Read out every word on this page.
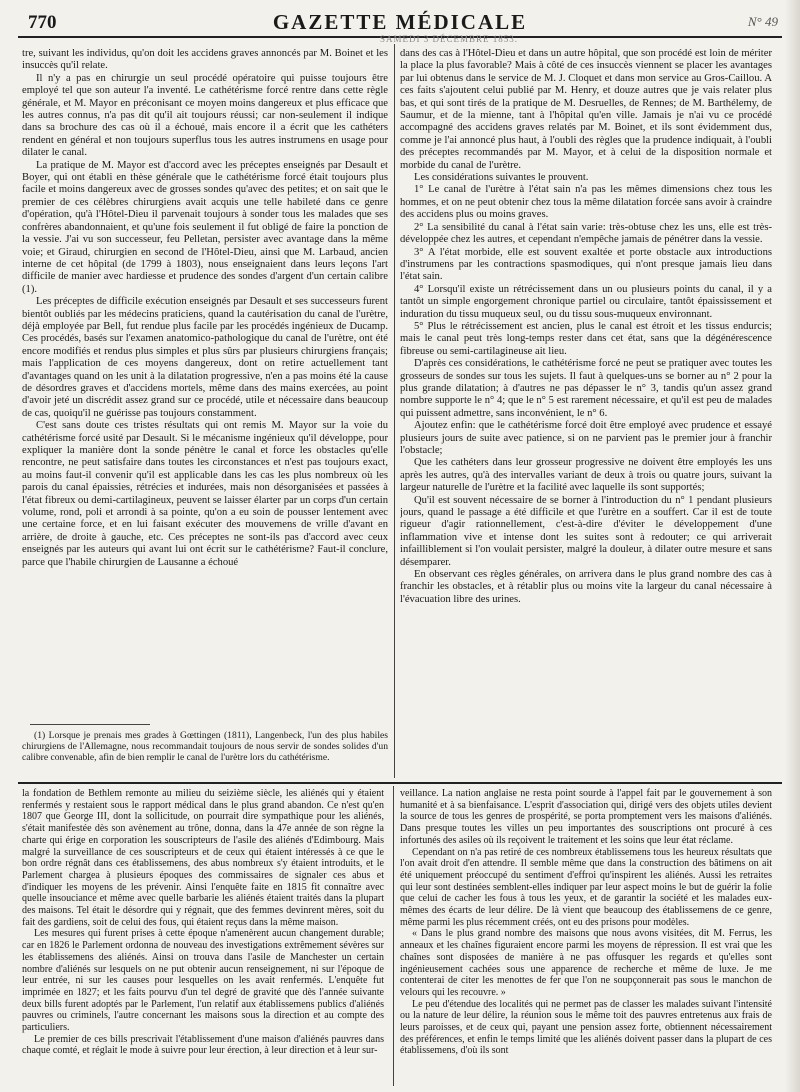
770	GAZETTE MÉDICALE	N° 49
SAMEDI 3 DÉCEMBRE 1853.

tre, suivant les individus, qu'on doit les accidens graves annoncés par M. Boinet et les insuccès qu'il relate.

Il n'y a pas en chirurgie un seul procédé opératoire qui puisse toujours être employé tel que son auteur l'a inventé. Le cathétérisme forcé rentre dans cette règle générale, et M. Mayor en préconisant ce moyen moins dangereux et plus efficace que les autres connus, n'a pas dit qu'il ait toujours réussi; car non-seulement il indique dans sa brochure des cas où il a échoué, mais encore il a écrit que les cathéters rendent en général et non toujours superflus tous les autres instrumens en usage pour dilater le canal.

La pratique de M. Mayor est d'accord avec les préceptes enseignés par Desault et Boyer, qui ont établi en thèse générale que le cathétérisme forcé était toujours plus facile et moins dangereux avec de grosses sondes qu'avec des petites; et on sait que le premier de ces célèbres chirurgiens avait acquis une telle habileté dans ce genre d'opération, qu'à l'Hôtel-Dieu il parvenait toujours à sonder tous les malades que ses confrères abandonnaient, et qu'une fois seulement il fut obligé de faire la ponction de la vessie. J'ai vu son successeur, feu Pelletan, persister avec avantage dans la même voie; et Giraud, chirurgien en second de l'Hôtel-Dieu, ainsi que M. Larbaud, ancien interne de cet hôpital (de 1799 à 1803), nous enseignaient dans leurs leçons l'art difficile de manier avec hardiesse et prudence des sondes d'argent d'un certain calibre (1).

Les préceptes de difficile exécution enseignés par Desault et ses successeurs furent bientôt oubliés par les médecins praticiens, quand la cautérisation du canal de l'urètre, déjà employée par Bell, fut rendue plus facile par les procédés ingénieux de Ducamp. Ces procédés, basés sur l'examen anatomico-pathologique du canal de l'urètre, ont été encore modifiés et rendus plus simples et plus sûrs par plusieurs chirurgiens français; mais l'application de ces moyens dangereux, dont on retire actuellement tant d'avantages quand on les unit à la dilatation progressive, n'en a pas moins été la cause de désordres graves et d'accidens mortels, même dans des mains exercées, au point d'avoir jeté un discrédit assez grand sur ce procédé, utile et nécessaire dans beaucoup de cas, quoiqu'il ne guérisse pas toujours constamment.

C'est sans doute ces tristes résultats qui ont remis M. Mayor sur la voie du cathétérisme forcé usité par Desault. Si le mécanisme ingénieux qu'il développe, pour expliquer la manière dont la sonde pénètre le canal et force les obstacles qu'elle rencontre, ne peut satisfaire dans toutes les circonstances et n'est pas toujours exact, au moins faut-il convenir qu'il est applicable dans les cas les plus nombreux où les parois du canal épaissies, rétrécies et indurées, mais non désorganisées et passées à l'état fibreux ou demi-cartilagineux, peuvent se laisser élarter par un corps d'un certain volume, rond, poli et arrondi à sa pointe, qu'on a eu soin de pousser lentement avec une certaine force, et en lui faisant exécuter des mouvemens de vrille d'avant en arrière, de droite à gauche, etc. Ces préceptes ne sont-ils pas d'accord avec ceux enseignés par les auteurs qui avant lui ont écrit sur le cathétérisme? Faut-il conclure, parce que l'habile chirurgien de Lausanne a échoué

dans des cas à l'Hôtel-Dieu et dans un autre hôpital, que son procédé est loin de mériter la place la plus favorable? Mais à côté de ces insuccès viennent se placer les avantages par lui obtenus dans le service de M. J. Cloquet et dans mon service au Gros-Caillou. A ces faits s'ajoutent celui publié par M. Henry, et douze autres que je vais relater plus bas, et qui sont tirés de la pratique de M. Desruelles, de Rennes; de M. Barthélemy, de Saumur, et de la mienne, tant à l'hôpital qu'en ville. Jamais je n'ai vu ce procédé accompagné des accidens graves relatés par M. Boinet, et ils sont évidemment dus, comme je l'ai annoncé plus haut, à l'oubli des règles que la prudence indiquait, à l'oubli des préceptes recommandés par M. Mayor, et à celui de la disposition normale et morbide du canal de l'urètre.

Les considérations suivantes le prouvent.

1° Le canal de l'urètre à l'état sain n'a pas les mêmes dimensions chez tous les hommes, et on ne peut obtenir chez tous la même dilatation forcée sans avoir à craindre des accidens plus ou moins graves.

2° La sensibilité du canal à l'état sain varie: très-obtuse chez les uns, elle est très-développée chez les autres, et cependant n'empêche jamais de pénétrer dans la vessie.

3° A l'état morbide, elle est souvent exaltée et porte obstacle aux introductions d'instrumens par les contractions spasmodiques, qui n'ont presque jamais lieu dans l'état sain.

4° Lorsqu'il existe un rétrécissement dans un ou plusieurs points du canal, il y a tantôt un simple engorgement chronique partiel ou circulaire, tantôt épaississement et induration du tissu muqueux seul, ou du tissu sous-muqueux environnant.

5° Plus le rétrécissement est ancien, plus le canal est étroit et les tissus endurcis; mais le canal peut très long-temps rester dans cet état, sans que la dégénérescence fibreuse ou semi-cartilagineuse ait lieu.

D'après ces considérations, le cathétérisme forcé ne peut se pratiquer avec toutes les grosseurs de sondes sur tous les sujets. Il faut à quelques-uns se borner au n° 2 pour la plus grande dilatation; à d'autres ne pas dépasser le n° 3, tandis qu'un assez grand nombre supporte le n° 4; que le n° 5 est rarement nécessaire, et qu'il est peu de malades qui puissent admettre, sans inconvénient, le n° 6.

Ajoutez enfin: que le cathétérisme forcé doit être employé avec prudence et essayé plusieurs jours de suite avec patience, si on ne parvient pas le premier jour à franchir l'obstacle;

Que les cathéters dans leur grosseur progressive ne doivent être employés les uns après les autres, qu'à des intervalles variant de deux à trois ou quatre jours, suivant la largeur naturelle de l'urètre et la facilité avec laquelle ils sont supportés;

Qu'il est souvent nécessaire de se borner à l'introduction du n° 1 pendant plusieurs jours, quand le passage a été difficile et que l'urètre en a souffert. Car il est de toute rigueur d'agir rationnellement, c'est-à-dire d'éviter le développement d'une inflammation vive et intense dont les suites sont à redouter; ce qui arriverait infailliblement si l'on voulait persister, malgré la douleur, à dilater outre mesure et sans désemparer.

En observant ces règles générales, on arrivera dans le plus grand nombre des cas à franchir les obstacles, et à rétablir plus ou moins vite la largeur du canal nécessaire à l'évacuation libre des urines.

(1) Lorsque je prenais mes grades à Gœttingen (1811), Langenbeck, l'un des plus habiles chirurgiens de l'Allemagne, nous recommandait toujours de nous servir de sondes solides d'un calibre convenable, afin de bien remplir le canal de l'urètre lors du cathétérisme.

la fondation de Bethlem remonte au milieu du seizième siècle, les aliénés qui y étaient renfermés y restaient sous le rapport médical dans le plus grand abandon. Ce n'est qu'en 1807 que George III, dont la sollicitude, on pourrait dire sympathique pour les aliénés, s'était manifestée dès son avènement au trône, donna, dans la 47e année de son règne la charte qui érige en corporation les souscripteurs de l'asile des aliénés d'Edimbourg. Mais malgré la surveillance de ces souscripteurs et de ceux qui étaient intéressés à ce que le bon ordre régnât dans ces établissemens, des abus nombreux s'y étaient introduits, et le Parlement chargea à plusieurs époques des commissaires de signaler ces abus et d'indiquer les moyens de les prévenir. Ainsi l'enquête faite en 1815 fit connaître avec quelle insouciance et même avec quelle barbarie les aliénés étaient traités dans la plupart des maisons. Tel était le désordre qui y régnait, que des femmes devinrent mères, soit du fait des gardiens, soit de celui des fous, qui étaient reçus dans la même maison.

Les mesures qui furent prises à cette époque n'amenèrent aucun changement durable; car en 1826 le Parlement ordonna de nouveau des investigations extrêmement sévères sur les établissemens des aliénés. Ainsi on trouva dans l'asile de Manchester un certain nombre d'aliénés sur lesquels on ne put obtenir aucun renseignement, ni sur l'époque de leur entrée, ni sur les causes pour lesquelles on les avait renfermés. L'enquête fut imprimée en 1827; et les faits pourvu d'un tel degré de gravité que dès l'année suivante deux bills furent adoptés par le Parlement, l'un relatif aux établissemens publics d'aliénés pauvres ou criminels, l'autre concernant les maisons sous la direction et au compte des particuliers.

Le premier de ces bills prescrivait l'établissement d'une maison d'aliénés pauvres dans chaque comté, et réglait le mode à suivre pour leur érection, à leur direction et à leur sur-

veillance. La nation anglaise ne resta point sourde à l'appel fait par le gouvernement à son humanité et à sa bienfaisance. L'esprit d'association qui, dirigé vers des objets utiles devient la source de tous les genres de prospérité, se porta promptement vers les maisons d'aliénés. Dans presque toutes les villes un peu importantes des souscriptions ont procuré à ces infortunés des asiles où ils reçoivent le traitement et les soins que leur état réclame.

Cependant on n'a pas retiré de ces nombreux établissemens tous les heureux résultats que l'on avait droit d'en attendre. Il semble même que dans la construction des bâtimens on ait été uniquement préoccupé du sentiment d'effroi qu'inspirent les aliénés. Aussi les retraites qui leur sont destinées semblent-elles indiquer par leur aspect moins le but de guérir la folie que celui de cacher les fous à tous les yeux, et de garantir la société et les malades eux-mêmes des écarts de leur délire. De là vient que beaucoup des établissemens de ce genre, même parmi les plus récemment créés, ont eu des prisons pour modèles.

« Dans le plus grand nombre des maisons que nous avons visitées, dit M. Ferrus, les anneaux et les chaînes figuraient encore parmi les moyens de répression. Il est vrai que les chaînes sont disposées de manière à ne pas offusquer les regards et qu'elles sont ingénieusement cachées sous une apparence de recherche et même de luxe. Je me contenterai de citer les menottes de fer que l'on ne soupçonnerait pas sous le manchon de velours qui les recouvre. »

Le peu d'étendue des localités qui ne permet pas de classer les malades suivant l'intensité ou la nature de leur délire, la réunion sous le même toit des pauvres entretenus aux frais de leurs paroisses, et de ceux qui, payant une pension assez forte, obtiennent nécessairement des préférences, et enfin le temps limité que les aliénés doivent passer dans la plupart de ces établissemens, d'où ils sont
